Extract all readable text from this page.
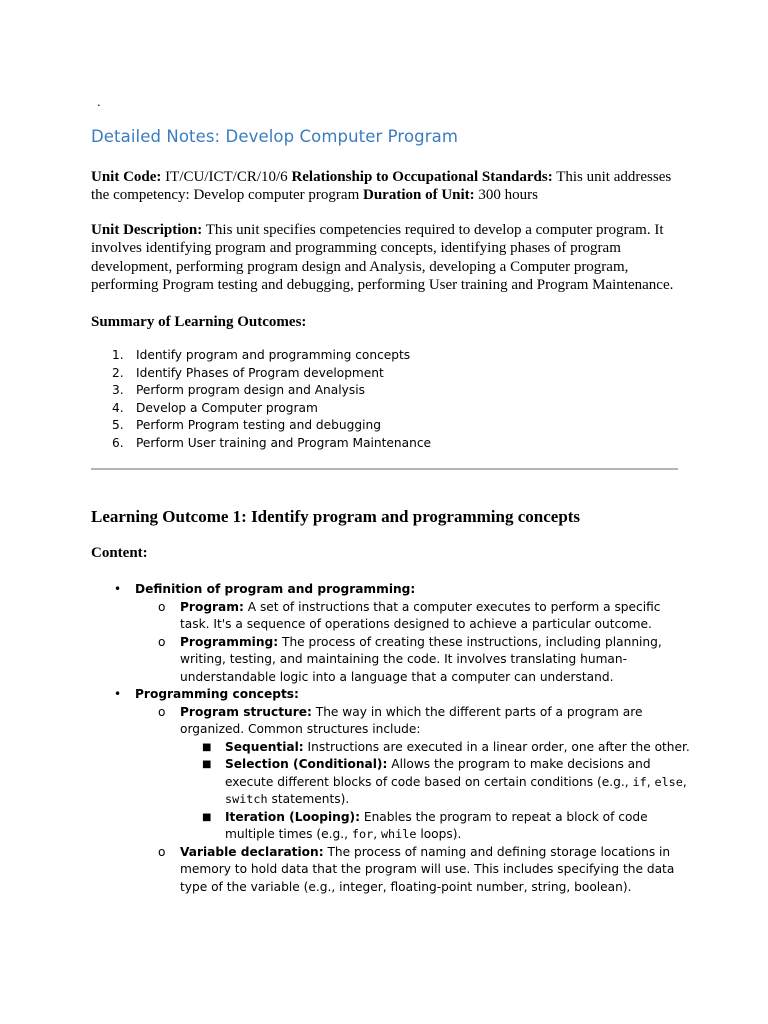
.
Detailed Notes: Develop Computer Program

Unit Code: IT/CU/ICT/CR/10/6 Relationship to Occupational Standards: This unit addresses the competency: Develop computer program Duration of Unit: 300 hours

Unit Description: This unit specifies competencies required to develop a computer program. It involves identifying program and programming concepts, identifying phases of program development, performing program design and Analysis, developing a Computer program, performing Program testing and debugging, performing User training and Program Maintenance.

Summary of Learning Outcomes:

1. Identify program and programming concepts
2. Identify Phases of Program development
3. Perform program design and Analysis
4. Develop a Computer program
5. Perform Program testing and debugging
6. Perform User training and Program Maintenance
Learning Outcome 1: Identify program and programming concepts

Content:

• Definition of program and programming:
o Program: A set of instructions that a computer executes to perform a specific task. It's a sequence of operations designed to achieve a particular outcome.
o Programming: The process of creating these instructions, including planning, writing, testing, and maintaining the code. It involves translating human-understandable logic into a language that a computer can understand.
• Programming concepts:
o Program structure: The way in which the different parts of a program are organized. Common structures include:
■ Sequential: Instructions are executed in a linear order, one after the other.
■ Selection (Conditional): Allows the program to make decisions and execute different blocks of code based on certain conditions (e.g., if, else, switch statements).
■ Iteration (Looping): Enables the program to repeat a block of code multiple times (e.g., for, while loops).
o Variable declaration: The process of naming and defining storage locations in memory to hold data that the program will use. This includes specifying the data type of the variable (e.g., integer, floating-point number, string, boolean).
